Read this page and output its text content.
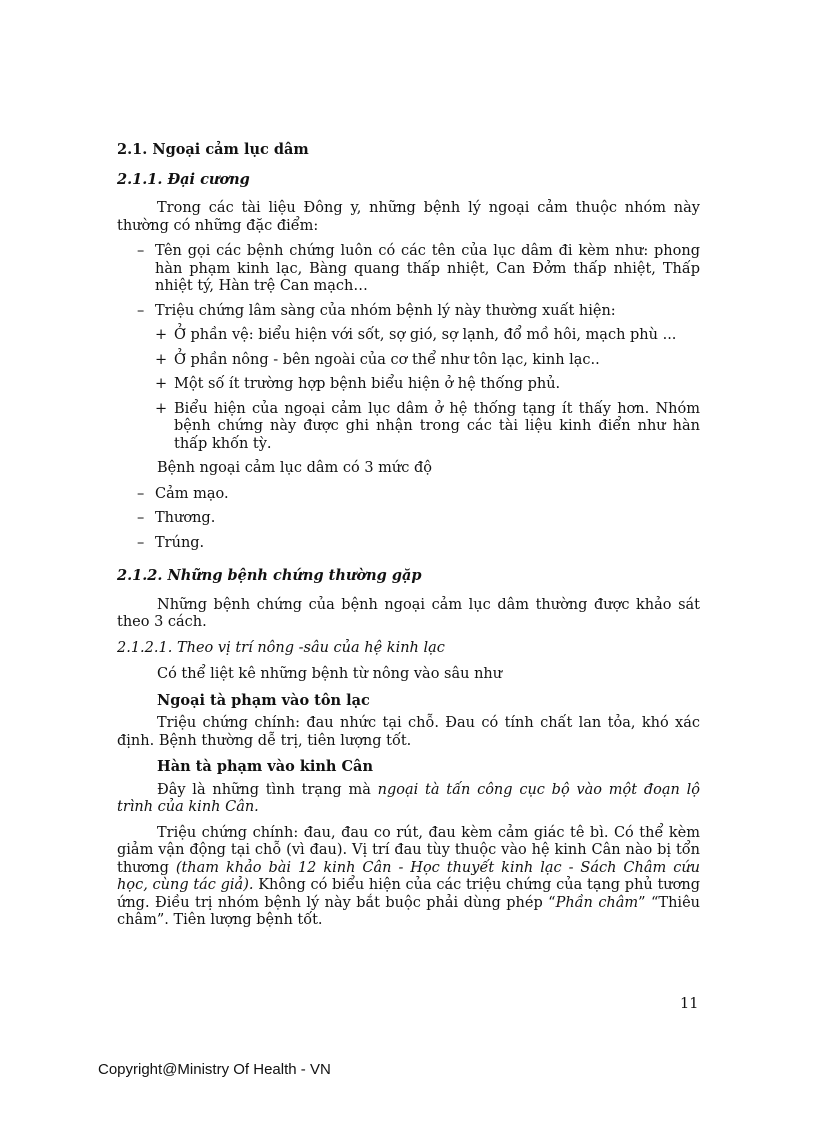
2.1. Ngoại cảm lục dâm
2.1.1. Đại cương
Trong các tài liệu Đông y, những bệnh lý ngoại cảm thuộc nhóm này thường có những đặc điểm:
– Tên gọi các bệnh chứng luôn có các tên của lục dâm đi kèm như: phong hàn phạm kinh lạc, Bàng quang thấp nhiệt, Can Đởm thấp nhiệt, Thấp nhiệt tý, Hàn trệ Can mạch…
– Triệu chứng lâm sàng của nhóm bệnh lý này thường xuất hiện:
+ Ở phần vệ: biểu hiện với sốt, sợ gió, sợ lạnh, đổ mồ hôi, mạch phù ...
+ Ở phần nông - bên ngoài của cơ thể như tôn lạc, kinh lạc..
+ Một số ít trường hợp bệnh biểu hiện ở hệ thống phủ.
+ Biểu hiện của ngoại cảm lục dâm ở hệ thống tạng ít thấy hơn. Nhóm bệnh chứng này được ghi nhận trong các tài liệu kinh điển như hàn thấp khốn tỳ.
Bệnh ngoại cảm lục dâm có 3 mức độ
– Cảm mạo.
– Thương.
– Trúng.
2.1.2. Những bệnh chứng thường gặp
Những bệnh chứng của bệnh ngoại cảm lục dâm thường được khảo sát theo 3 cách.
2.1.2.1. Theo vị trí nông -sâu của hệ kinh lạc
Có thể liệt kê những bệnh từ nông vào sâu như
Ngoại tà phạm vào tôn lạc
Triệu chứng chính: đau nhức tại chỗ. Đau có tính chất lan tỏa, khó xác định. Bệnh thường dễ trị, tiên lượng tốt.
Hàn tà phạm vào kinh Cân
Đây là những tình trạng mà ngoại tà tấn công cục bộ vào một đoạn lộ trình của kinh Cân.
Triệu chứng chính: đau, đau co rút, đau kèm cảm giác tê bì. Có thể kèm giảm vận động tại chỗ (vì đau). Vị trí đau tùy thuộc vào hệ kinh Cân nào bị tổn thương (tham khảo bài 12 kinh Cân - Học thuyết kinh lạc - Sách Châm cứu học, cùng tác giả). Không có biểu hiện của các triệu chứng của tạng phủ tương ứng. Điều trị nhóm bệnh lý này bắt buộc phải dùng phép “Phần châm” “Thiêu châm”. Tiên lượng bệnh tốt.
11
Copyright@Ministry Of Health - VN
